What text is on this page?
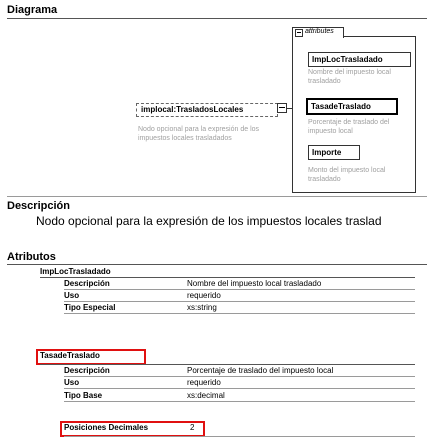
Diagrama
implocal:TrasladosLocales
Nodo opcional para la expresión de los impuestos locales trasladados
attributes
ImpLocTrasladado
Nombre del impuesto local trasladado
TasadeTraslado
Porcentaje de traslado del impuesto local
Importe
Monto del impuesto local trasladado
Descripción
Nodo opcional para la expresión de los impuestos locales traslad
Atributos
ImpLocTrasladado
Descripción	Nombre del impuesto local trasladado
Uso	requerido
Tipo Especial	xs:string
TasadeTraslado
Descripción	Porcentaje de traslado del impuesto local
Uso	requerido
Tipo Base	xs:decimal
Posiciones Decimales	2
